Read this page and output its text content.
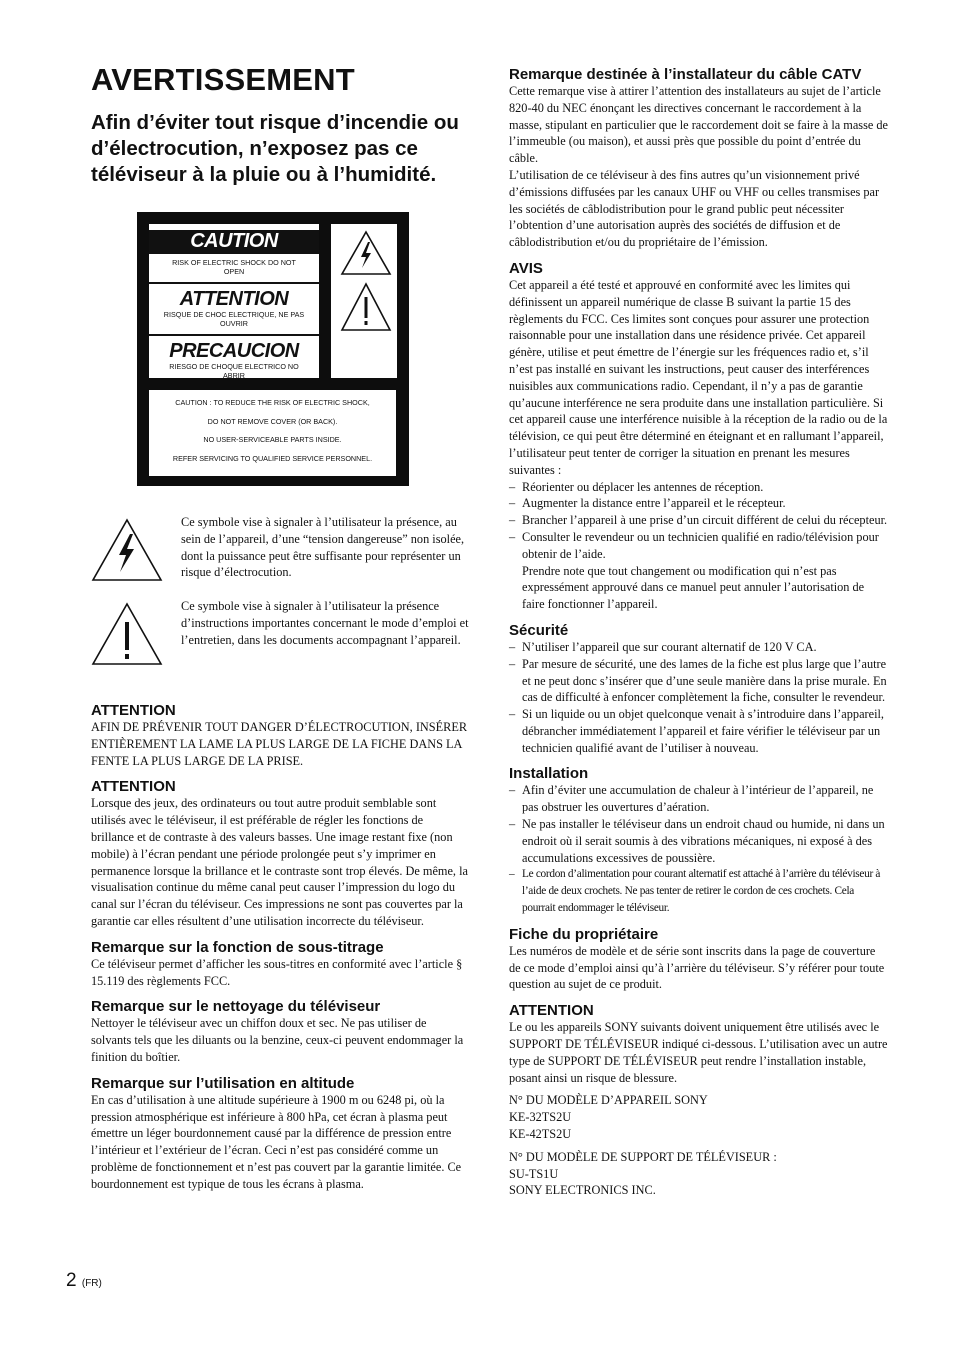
AVERTISSEMENT
Afin d’éviter tout risque d’incendie ou d’électrocution, n’exposez pas ce téléviseur à la pluie ou à l’humidité.
CAUTION
RISK OF ELECTRIC SHOCK DO NOT OPEN
ATTENTION
RISQUE DE CHOC ELECTRIQUE, NE PAS OUVRIR
PRECAUCION
RIESGO DE CHOQUE ELECTRICO NO ABRIR

CAUTION : TO REDUCE THE RISK OF ELECTRIC SHOCK,

DO NOT REMOVE COVER (OR BACK).

NO USER-SERVICEABLE PARTS INSIDE.

REFER SERVICING TO QUALIFIED SERVICE PERSONNEL.

Ce symbole vise à signaler à l’utilisateur la présence, au sein de l’appareil, d’une “tension dangereuse” non isolée, dont la puissance peut être suffisante pour représenter un risque d’électrocution.

Ce symbole vise à signaler à l’utilisateur la présence d’instructions importantes concernant le mode d’emploi et l’entretien, dans les documents accompagnant l’appareil.

ATTENTION

AFIN DE PRÉVENIR TOUT DANGER D’ÉLECTROCUTION, INSÉRER ENTIÈREMENT LA LAME LA PLUS LARGE DE LA FICHE DANS LA FENTE LA PLUS LARGE DE LA PRISE.

ATTENTION

Lorsque des jeux, des ordinateurs ou tout autre produit semblable sont utilisés avec le téléviseur, il est préférable de régler les fonctions de brillance et de contraste à des valeurs basses. Une image restant fixe (non mobile) à l’écran pendant une période prolongée peut s’y imprimer en permanence lorsque la brillance et le contraste sont trop élevés. De même, la visualisation continue du même canal peut causer l’impression du logo du canal sur l’écran du téléviseur. Ces impressions ne sont pas couvertes par la garantie car elles résultent d’une utilisation incorrecte du téléviseur.

Remarque sur la fonction de sous-titrage

Ce téléviseur permet d’afficher les sous-titres en conformité avec l’article § 15.119 des règlements FCC.

Remarque sur le nettoyage du téléviseur

Nettoyer le téléviseur avec un chiffon doux et sec. Ne pas utiliser de solvants tels que les diluants ou la benzine, ceux-ci peuvent endommager la finition du boîtier.

Remarque sur l’utilisation en altitude

En cas d’utilisation à une altitude supérieure à 1900 m ou 6248 pi, où la pression atmosphérique est inférieure à 800 hPa, cet écran à plasma peut émettre un léger bourdonnement causé par la différence de pression entre l’intérieur et l’extérieur de l’écran. Ceci n’est pas considéré comme un problème de fonctionnement et n’est pas couvert par la garantie limitée. Ce bourdonnement est typique de tous les écrans à plasma.

Remarque destinée à l’installateur du câble CATV

Cette remarque vise à attirer l’attention des installateurs au sujet de l’article 820-40 du NEC énonçant les directives concernant le raccordement à la masse, stipulant en particulier que le raccordement doit se faire à la masse de l’immeuble (ou maison), et aussi près que possible du point d’entrée du câble.

L’utilisation de ce téléviseur à des fins autres qu’un visionnement privé d’émissions diffusées par les canaux UHF ou VHF ou celles transmises par les sociétés de câblodistribution pour le grand public peut nécessiter l’obtention d’une autorisation auprès des sociétés de diffusion et de câblodistribution et/ou du propriétaire de l’émission.

AVIS

Cet appareil a été testé et approuvé en conformité avec les limites qui définissent un appareil numérique de classe B suivant la partie 15 des règlements du FCC. Ces limites sont conçues pour assurer une protection raisonnable pour une installation dans une résidence privée. Cet appareil génère, utilise et peut émettre de l’énergie sur les fréquences radio et, s’il n’est pas installé en suivant les instructions, peut causer des interférences nuisibles aux communications radio. Cependant, il n’y a pas de garantie qu’aucune interférence ne sera produite dans une installation particulière. Si cet appareil cause une interférence nuisible à la réception de la radio ou de la télévision, ce qui peut être déterminé en éteignant et en rallumant l’appareil, l’utilisateur peut tenter de corriger la situation en prenant les mesures suivantes :

– Réorienter ou déplacer les antennes de réception.
– Augmenter la distance entre l’appareil et le récepteur.
– Brancher l’appareil à une prise d’un circuit différent de celui du récepteur.
– Consulter le revendeur ou un technicien qualifié en radio/télévision pour obtenir de l’aide.

Prendre note que tout changement ou modification qui n’est pas expressément approuvé dans ce manuel peut annuler l’autorisation de faire fonctionner l’appareil.

Sécurité
– N’utiliser l’appareil que sur courant alternatif de 120 V CA.
– Par mesure de sécurité, une des lames de la fiche est plus large que l’autre et ne peut donc s’insérer que d’une seule manière dans la prise murale. En cas de difficulté à enfoncer complètement la fiche, consulter le revendeur.
– Si un liquide ou un objet quelconque venait à s’introduire dans l’appareil, débrancher immédiatement l’appareil et faire vérifier le téléviseur par un technicien qualifié avant de l’utiliser à nouveau.
Installation
– Afin d’éviter une accumulation de chaleur à l’intérieur de l’appareil, ne pas obstruer les ouvertures d’aération.
– Ne pas installer le téléviseur dans un endroit chaud ou humide, ni dans un endroit où il serait soumis à des vibrations mécaniques, ni exposé à des accumulations excessives de poussière.
– Le cordon d’alimentation pour courant alternatif est attaché à l’arrière du téléviseur à l’aide de deux crochets. Ne pas tenter de retirer le cordon de ces crochets. Cela pourrait endommager le téléviseur.
Fiche du propriétaire

Les numéros de modèle et de série sont inscrits dans la page de couverture de ce mode d’emploi ainsi qu’à l’arrière du téléviseur. S’y référer pour toute question au sujet de ce produit.

ATTENTION

Le ou les appareils SONY suivants doivent uniquement être utilisés avec le SUPPORT DE TÉLÉVISEUR indiqué ci-dessous. L’utilisation avec un autre type de SUPPORT DE TÉLÉVISEUR peut rendre l’installation instable, posant ainsi un risque de blessure.

N° DU MODÈLE D’APPAREIL SONY

KE-32TS2U

KE-42TS2U

N° DU MODÈLE DE SUPPORT DE TÉLÉVISEUR :

SU-TS1U

SONY ELECTRONICS INC.

2 (FR)
